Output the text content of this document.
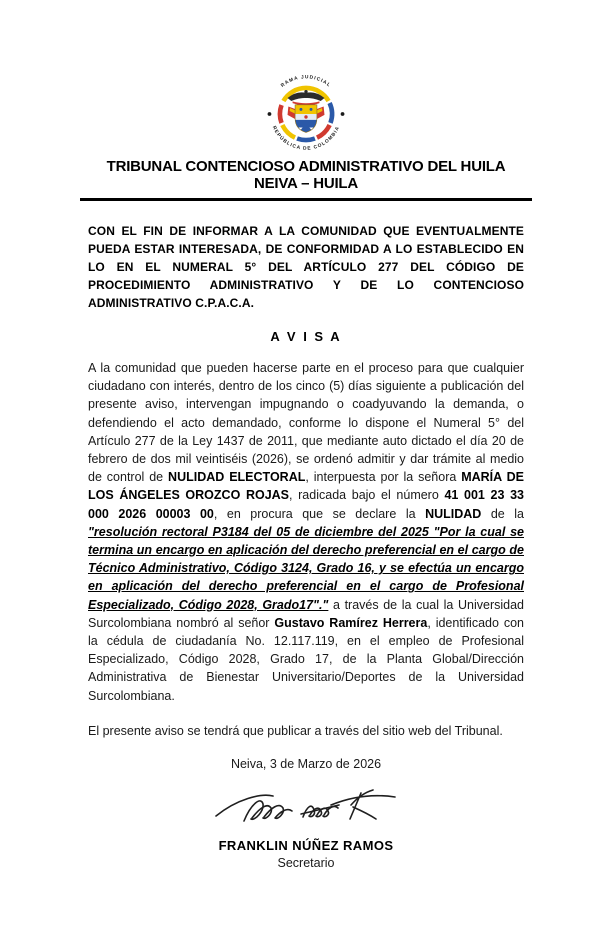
RAMA JUDICIAL
REPÚBLICA DE COLOMBIA
TRIBUNAL CONTENCIOSO ADMINISTRATIVO DEL HUILA
NEIVA – HUILA

CON EL FIN DE INFORMAR A LA COMUNIDAD QUE EVENTUALMENTE PUEDA ESTAR INTERESADA, DE CONFORMIDAD A LO ESTABLECIDO EN LO EN EL NUMERAL 5° DEL ARTÍCULO 277 DEL CÓDIGO DE PROCEDIMIENTO ADMINISTRATIVO Y DE LO CONTENCIOSO ADMINISTRATIVO C.P.A.C.A.

A V I S A

A la comunidad que pueden hacerse parte en el proceso para que cualquier ciudadano con interés, dentro de los cinco (5) días siguiente a publicación del presente aviso, intervengan impugnando o coadyuvando la demanda, o defendiendo el acto demandado, conforme lo dispone el Numeral 5° del Artículo 277 de la Ley 1437 de 2011, que mediante auto dictado el día 20 de febrero de dos mil veintiséis (2026), se ordenó admitir y dar trámite al medio de control de NULIDAD ELECTORAL, interpuesta por la señora MARÍA DE LOS ÁNGELES OROZCO ROJAS, radicada bajo el número 41 001 23 33 000 2026 00003 00, en procura que se declare la NULIDAD de la "resolución rectoral P3184 del 05 de diciembre del 2025 "Por la cual se termina un encargo en aplicación del derecho preferencial en el cargo de Técnico Administrativo, Código 3124, Grado 16, y se efectúa un encargo en aplicación del derecho preferencial en el cargo de Profesional Especializado, Código 2028, Grado17"." a través de la cual la Universidad Surcolombiana nombró al señor Gustavo Ramírez Herrera, identificado con la cédula de ciudadanía No. 12.117.119, en el empleo de Profesional Especializado, Código 2028, Grado 17, de la Planta Global/Dirección Administrativa de Bienestar Universitario/Deportes de la Universidad Surcolombiana.

El presente aviso se tendrá que publicar a través del sitio web del Tribunal.

Neiva, 3 de Marzo de 2026
FRANKLIN NÚÑEZ RAMOS
Secretario
